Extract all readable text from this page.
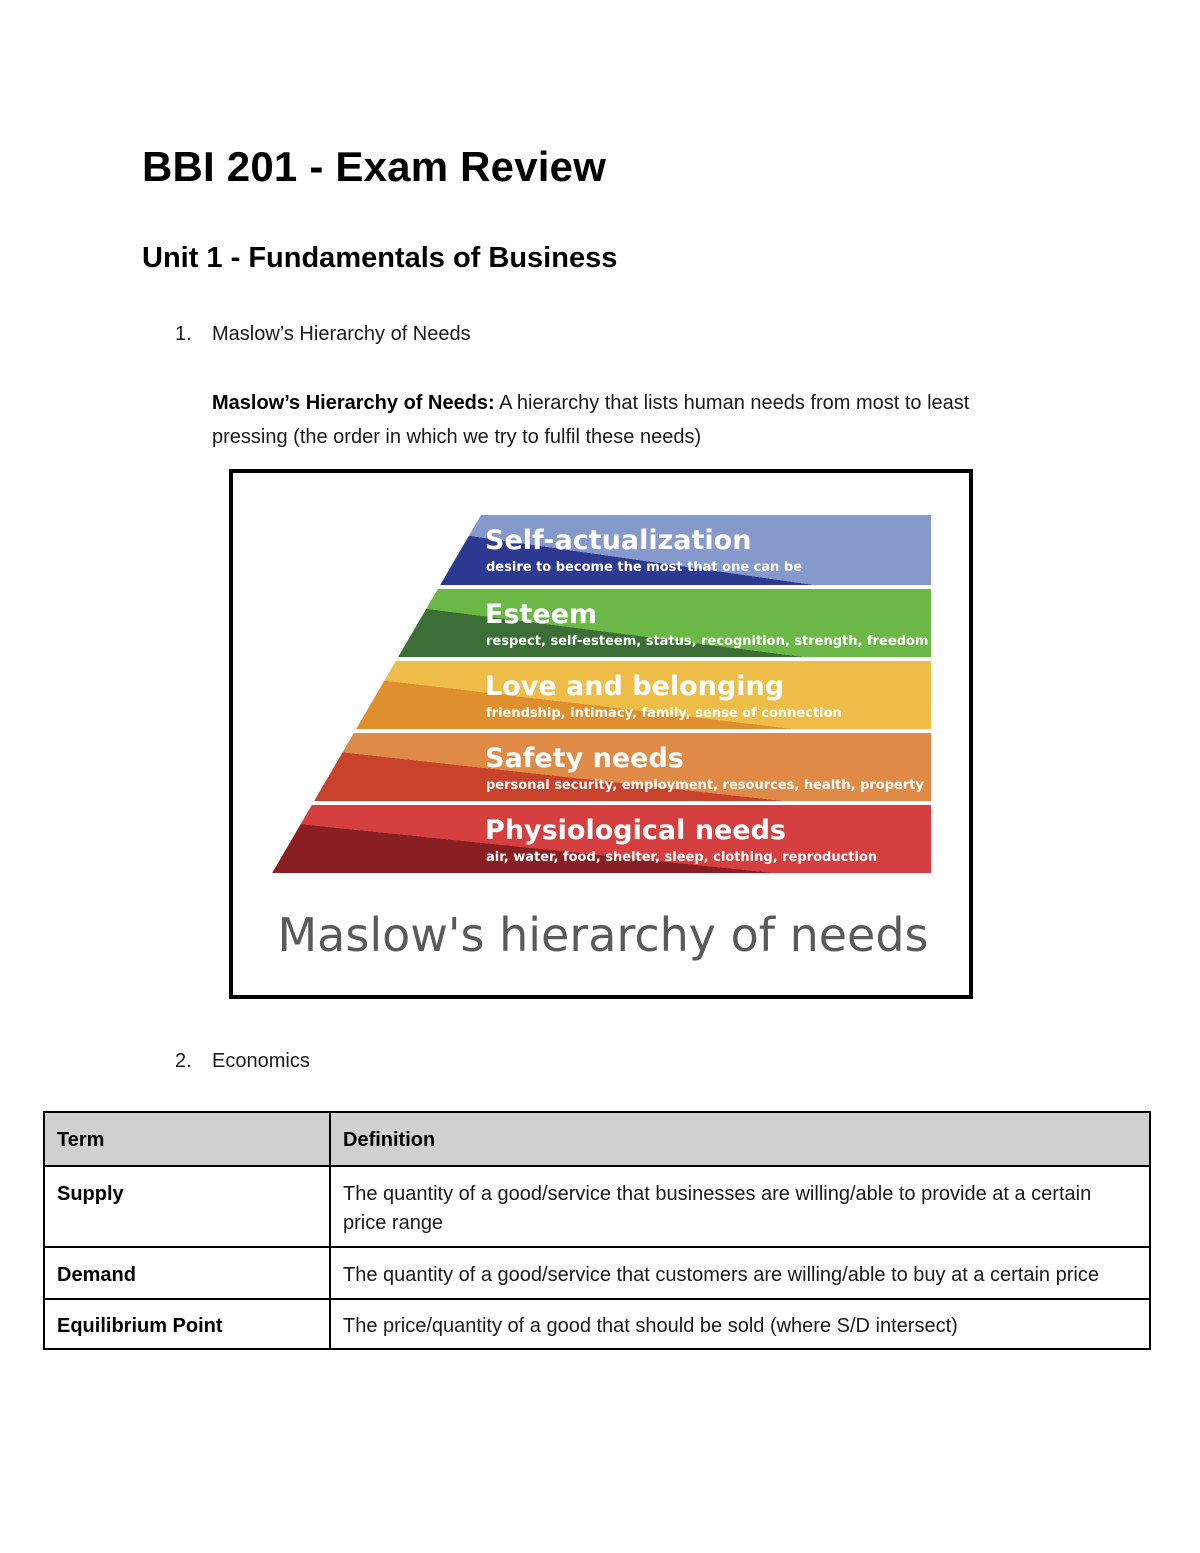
BBI 201 - Exam Review
Unit 1 - Fundamentals of Business
1. Maslow’s Hierarchy of Needs
Maslow’s Hierarchy of Needs: A hierarchy that lists human needs from most to least pressing (the order in which we try to fulfil these needs)
Self-actualization
desire to become the most that one can be
Esteem
respect, self-esteem, status, recognition, strength, freedom
Love and belonging
friendship, intimacy, family, sense of connection
Safety needs
personal security, employment, resources, health, property
Physiological needs
air, water, food, shelter, sleep, clothing, reproduction
Maslow's hierarchy of needs
2. Economics
Term	Definition
Supply	The quantity of a good/service that businesses are willing/able to provide at a certain price range
Demand	The quantity of a good/service that customers are willing/able to buy at a certain price
Equilibrium Point	The price/quantity of a good that should be sold (where S/D intersect)
